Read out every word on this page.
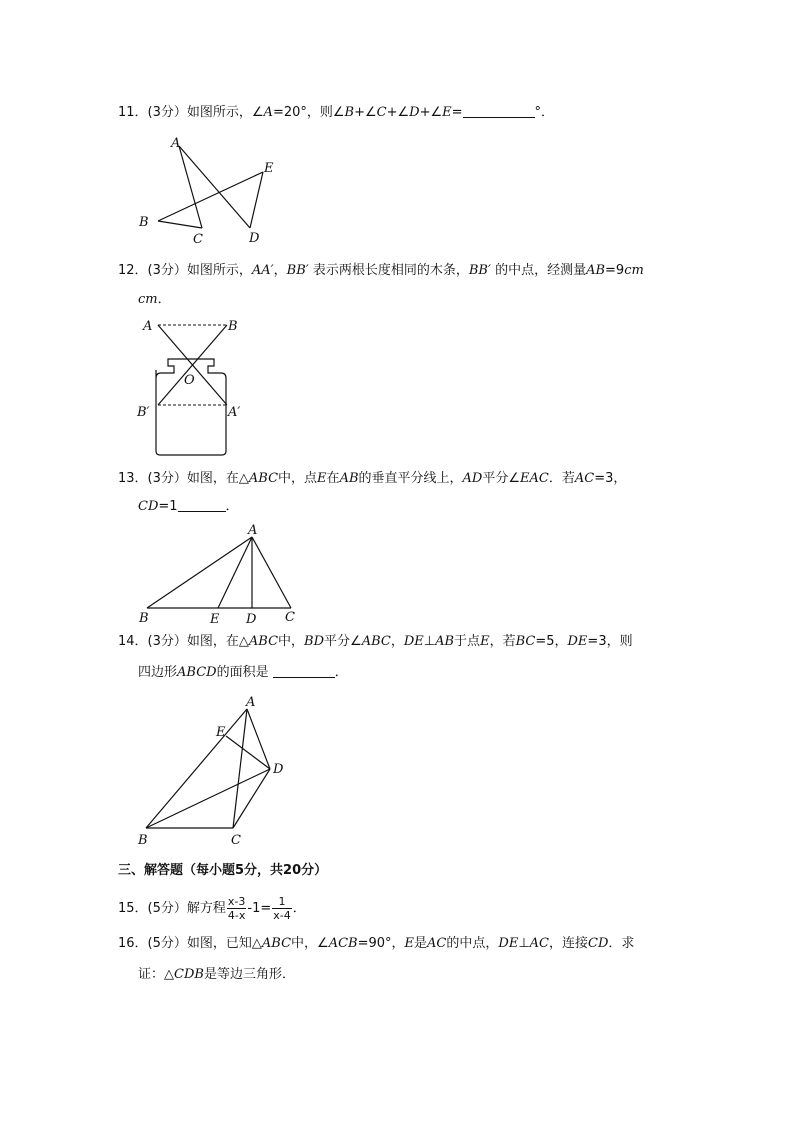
11．(3分）如图所示，∠A=20°，则∠B+∠C+∠D+∠E=	°．
A
B
C	D
E
12．(3分）如图所示，AA′，BB′ 表示两根长度相同的木条，BB′ 的中点，经测量AB=9cm
cm．
A	B
O
B′	A′
13．(3分）如图，在△ABC中，点E在AB的垂直平分线上，AD平分∠EAC．若AC=3，
CD=1	．
A
B	E D C
14．(3分）如图，在△ABC中，BD平分∠ABC，DE⊥AB于点E，若BC=5，DE=3，则
四边形ABCD的面积是	．
A
E
D
B	C
三、解答题（每小题5分，共20分）
15．(5分）解方程 $\frac{x-3}{4-x} -1= \frac{1}{x-4}$ ．
16．(5分）如图，已知△ABC中，∠ACB=90°，E是AC的中点，DE⊥AC，连接CD．求
证：△CDB是等边三角形．
